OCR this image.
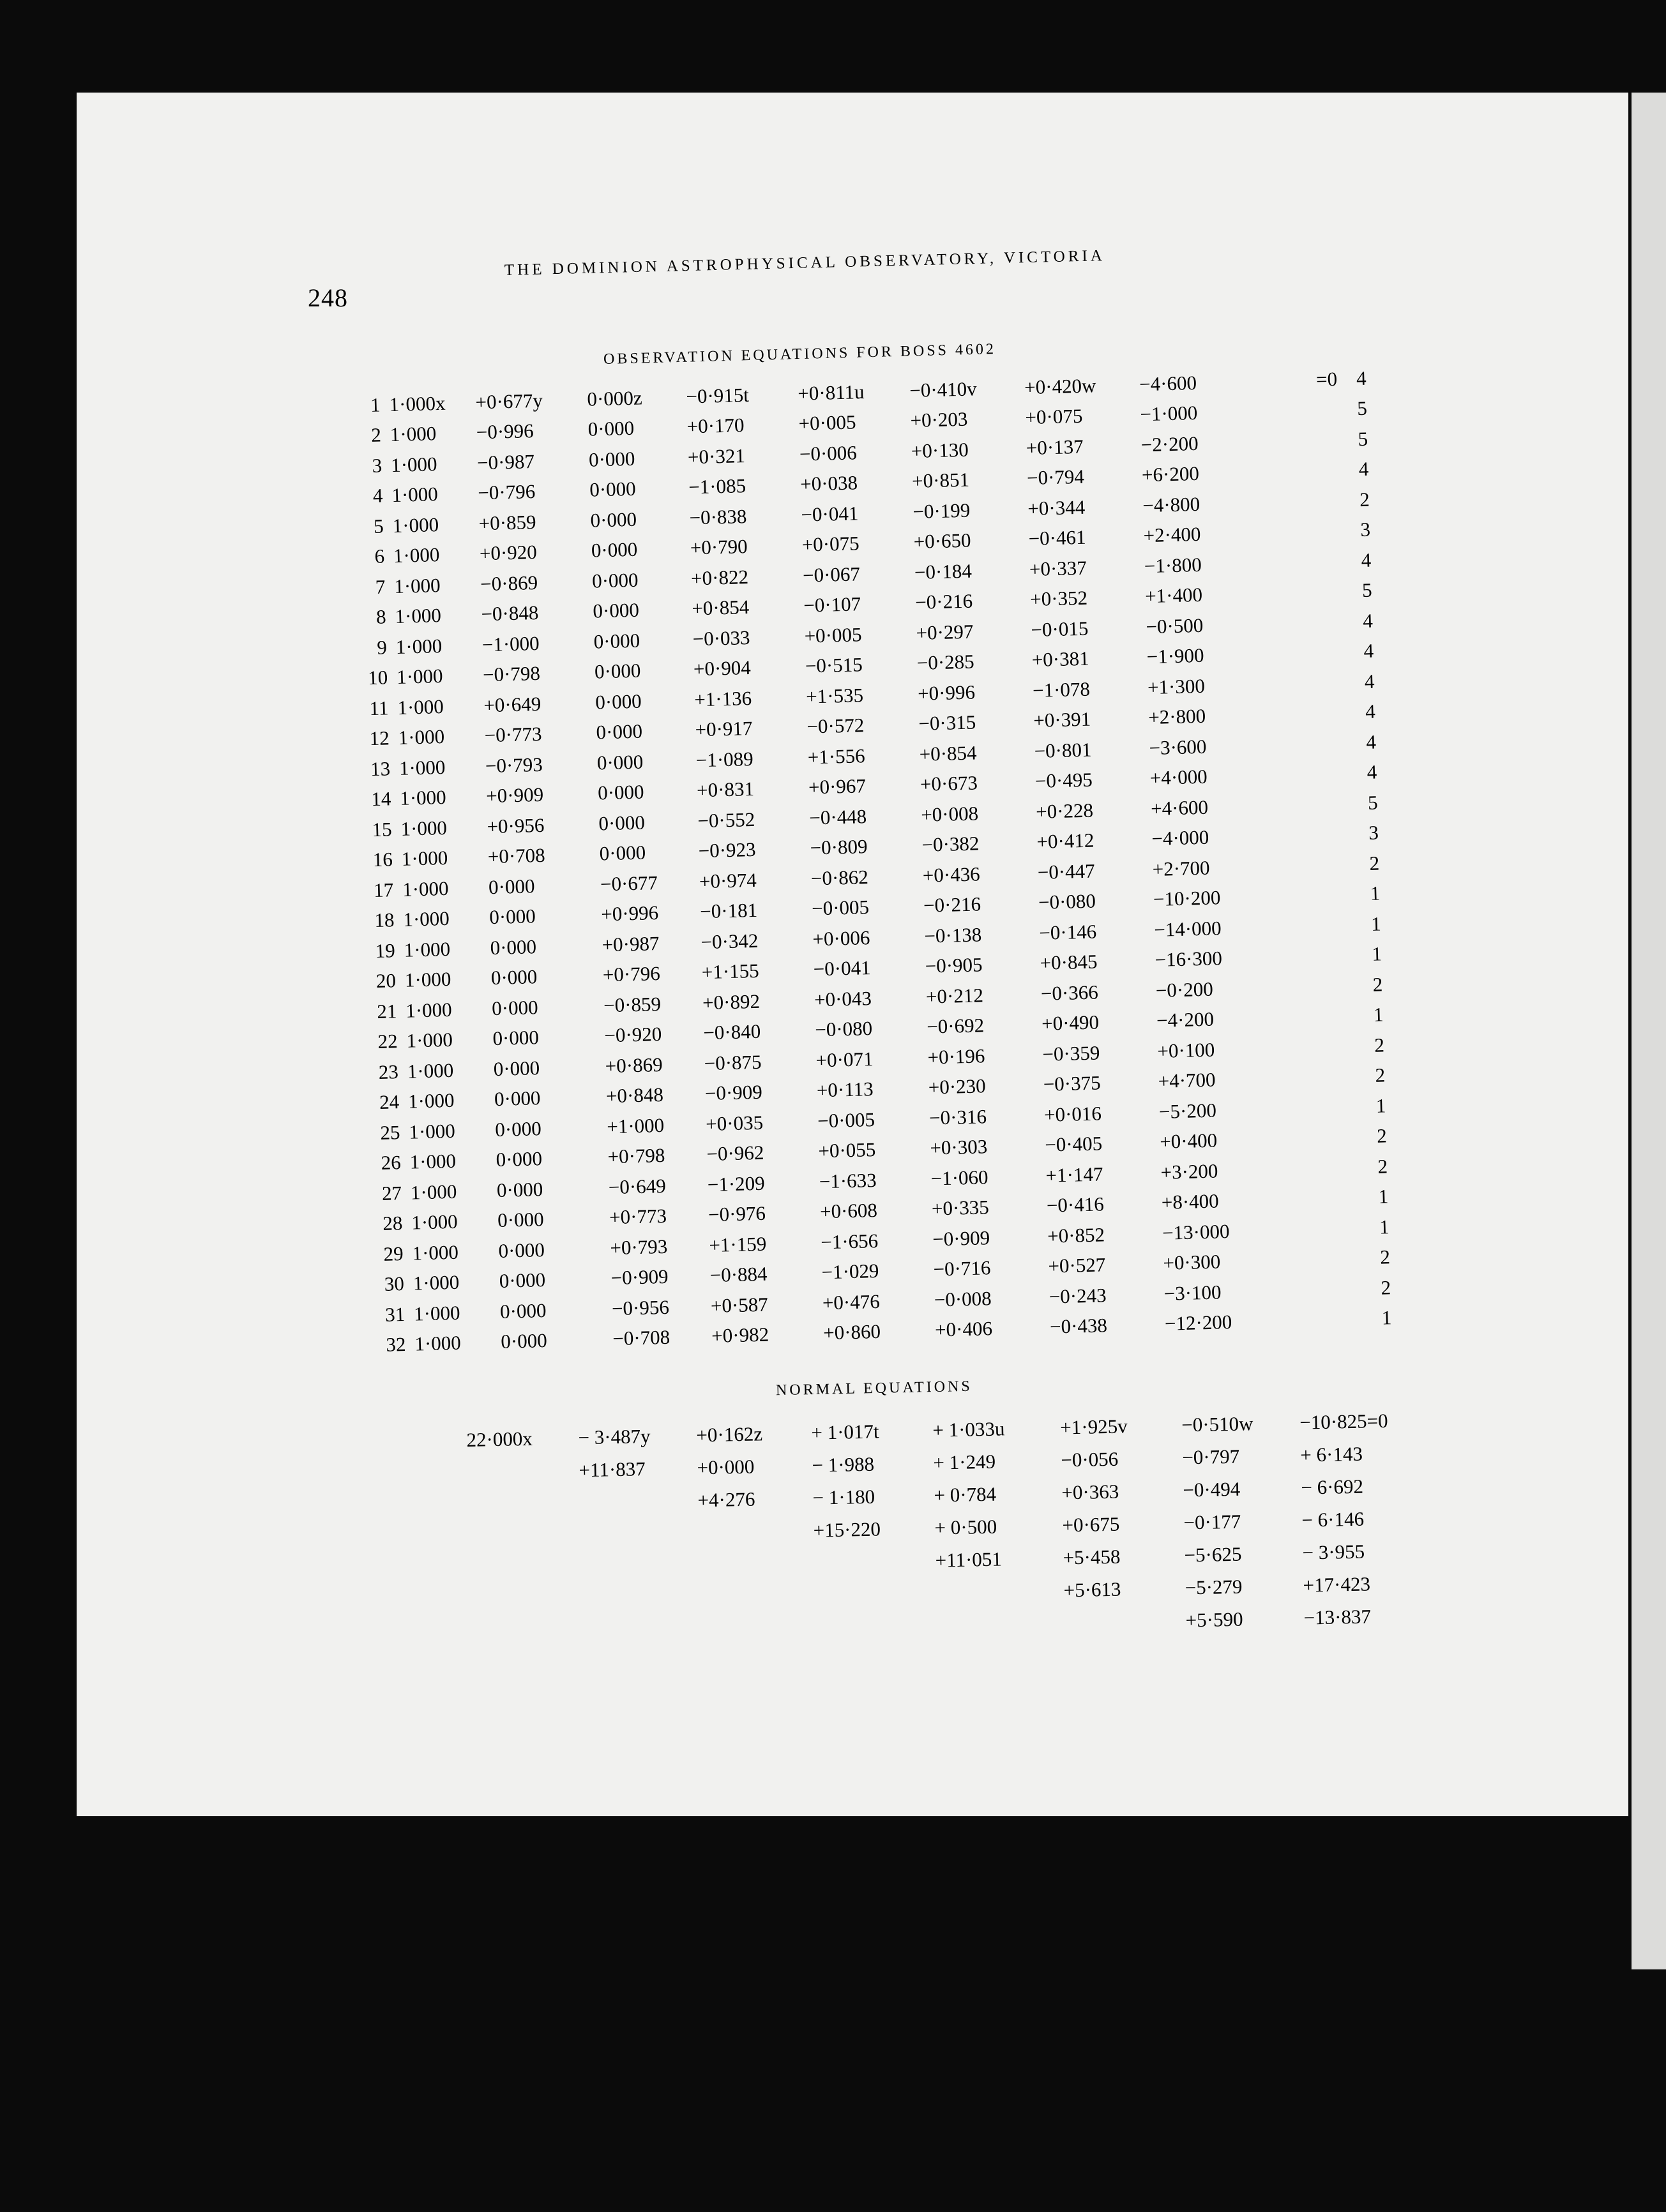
248
THE DOMINION ASTROPHYSICAL OBSERVATORY, VICTORIA
OBSERVATION EQUATIONS FOR BOSS 4602
1	1·000x	+0·677y	0·000z	−0·915t	+0·811u	−0·410v	+0·420w	−4·600	=0	4
2	1·000	−0·996	0·000	+0·170	+0·005	+0·203	+0·075	−1·000		5
3	1·000	−0·987	0·000	+0·321	−0·006	+0·130	+0·137	−2·200		5
4	1·000	−0·796	0·000	−1·085	+0·038	+0·851	−0·794	+6·200		4
5	1·000	+0·859	0·000	−0·838	−0·041	−0·199	+0·344	−4·800		2
6	1·000	+0·920	0·000	+0·790	+0·075	+0·650	−0·461	+2·400		3
7	1·000	−0·869	0·000	+0·822	−0·067	−0·184	+0·337	−1·800		4
8	1·000	−0·848	0·000	+0·854	−0·107	−0·216	+0·352	+1·400		5
9	1·000	−1·000	0·000	−0·033	+0·005	+0·297	−0·015	−0·500		4
10	1·000	−0·798	0·000	+0·904	−0·515	−0·285	+0·381	−1·900		4
11	1·000	+0·649	0·000	+1·136	+1·535	+0·996	−1·078	+1·300		4
12	1·000	−0·773	0·000	+0·917	−0·572	−0·315	+0·391	+2·800		4
13	1·000	−0·793	0·000	−1·089	+1·556	+0·854	−0·801	−3·600		4
14	1·000	+0·909	0·000	+0·831	+0·967	+0·673	−0·495	+4·000		4
15	1·000	+0·956	0·000	−0·552	−0·448	+0·008	+0·228	+4·600		5
16	1·000	+0·708	0·000	−0·923	−0·809	−0·382	+0·412	−4·000		3
17	1·000	0·000	−0·677	+0·974	−0·862	+0·436	−0·447	+2·700		2
18	1·000	0·000	+0·996	−0·181	−0·005	−0·216	−0·080	−10·200		1
19	1·000	0·000	+0·987	−0·342	+0·006	−0·138	−0·146	−14·000		1
20	1·000	0·000	+0·796	+1·155	−0·041	−0·905	+0·845	−16·300		1
21	1·000	0·000	−0·859	+0·892	+0·043	+0·212	−0·366	−0·200		2
22	1·000	0·000	−0·920	−0·840	−0·080	−0·692	+0·490	−4·200		1
23	1·000	0·000	+0·869	−0·875	+0·071	+0·196	−0·359	+0·100		2
24	1·000	0·000	+0·848	−0·909	+0·113	+0·230	−0·375	+4·700		2
25	1·000	0·000	+1·000	+0·035	−0·005	−0·316	+0·016	−5·200		1
26	1·000	0·000	+0·798	−0·962	+0·055	+0·303	−0·405	+0·400		2
27	1·000	0·000	−0·649	−1·209	−1·633	−1·060	+1·147	+3·200		2
28	1·000	0·000	+0·773	−0·976	+0·608	+0·335	−0·416	+8·400		1
29	1·000	0·000	+0·793	+1·159	−1·656	−0·909	+0·852	−13·000		1
30	1·000	0·000	−0·909	−0·884	−1·029	−0·716	+0·527	+0·300		2
31	1·000	0·000	−0·956	+0·587	+0·476	−0·008	−0·243	−3·100		2
32	1·000	0·000	−0·708	+0·982	+0·860	+0·406	−0·438	−12·200		1
NORMAL EQUATIONS
22·000x	− 3·487y	+0·162z	+ 1·017t	+ 1·033u	+1·925v	−0·510w	−10·825=0
	+11·837	+0·000	− 1·988	+ 1·249	−0·056	−0·797	+ 6·143
		+4·276	− 1·180	+ 0·784	+0·363	−0·494	− 6·692
			+15·220	+ 0·500	+0·675	−0·177	− 6·146
				+11·051	+5·458	−5·625	− 3·955
					+5·613	−5·279	+17·423
						+5·590	−13·837
